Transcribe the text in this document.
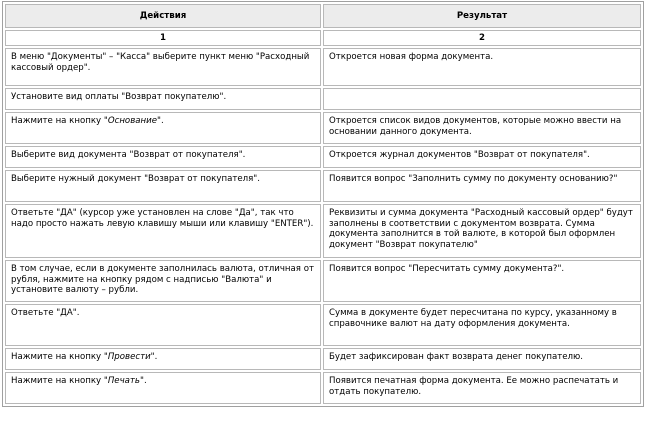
Действия	Результат
1	2
В меню "Документы" – "Касса" выберите пункт меню "Расходный кассовый ордер".	Откроется новая форма документа.
Установите вид оплаты "Возврат покупателю".	
Нажмите на кнопку "Основание".	Откроется список видов документов, которые можно ввести на основании данного документа.
Выберите вид документа "Возврат от покупателя".	Откроется журнал документов "Возврат от покупателя".
Выберите нужный документ "Возврат от покупателя".	Появится вопрос "Заполнить сумму по документу основанию?"
Ответьте "ДА" (курсор уже установлен на слове "Да", так что надо просто нажать левую клавишу мыши или клавишу "ENTER").	Реквизиты и сумма документа "Расходный кассовый ордер" будут заполнены в соответствии с документом возврата. Сумма документа заполнится в той валюте, в которой был оформлен документ "Возврат покупателю"
В том случае, если в документе заполнилась валюта, отличная от рубля, нажмите на кнопку рядом с надписью "Валюта" и установите валюту – рубли.	Появится вопрос "Пересчитать сумму документа?".
Ответьте "ДА".	Сумма в документе будет пересчитана по курсу, указанному в справочнике валют на дату оформления документа.
Нажмите на кнопку "Провести".	Будет зафиксирован факт возврата денег покупателю.
Нажмите на кнопку "Печать".	Появится печатная форма документа. Ее можно распечатать и отдать покупателю.
